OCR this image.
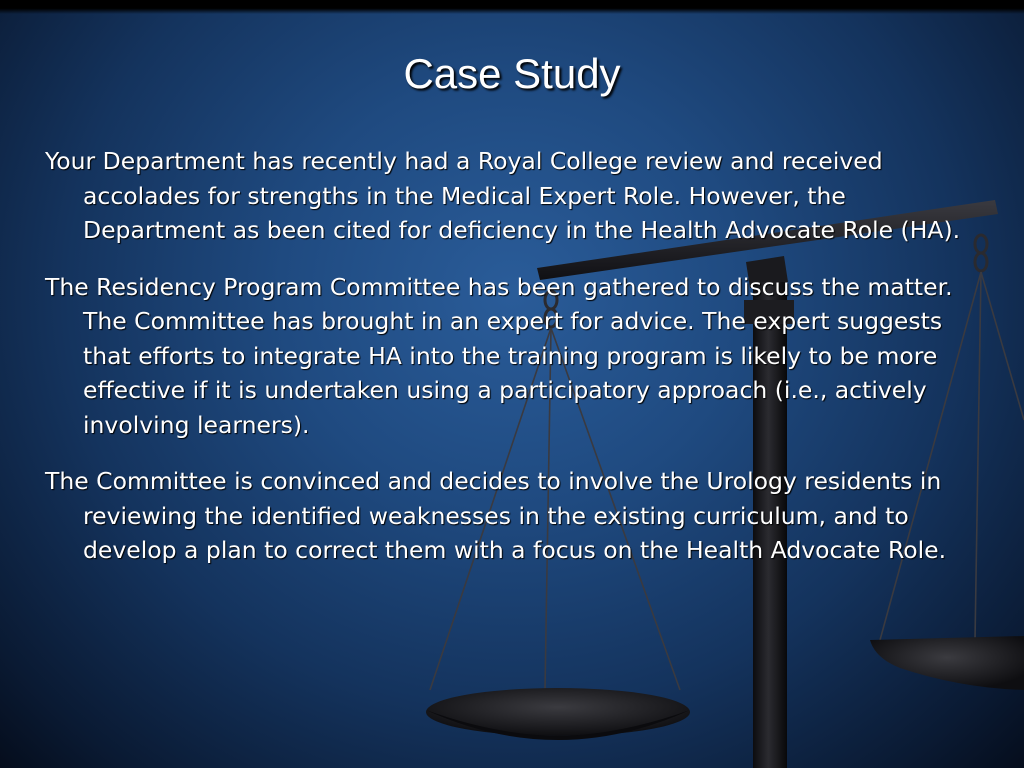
Case Study

Your Department has recently had a Royal College review and received accolades for strengths in the Medical Expert Role. However, the Department as been cited for deficiency in the Health Advocate Role (HA).

The Residency Program Committee has been gathered to discuss the matter. The Committee has brought in an expert for advice. The expert suggests that efforts to integrate HA into the training program is likely to be more effective if it is undertaken using a participatory approach (i.e., actively involving learners).

The Committee is convinced and decides to involve the Urology residents in reviewing the identified weaknesses in the existing curriculum, and to develop a plan to correct them with a focus on the Health Advocate Role.
